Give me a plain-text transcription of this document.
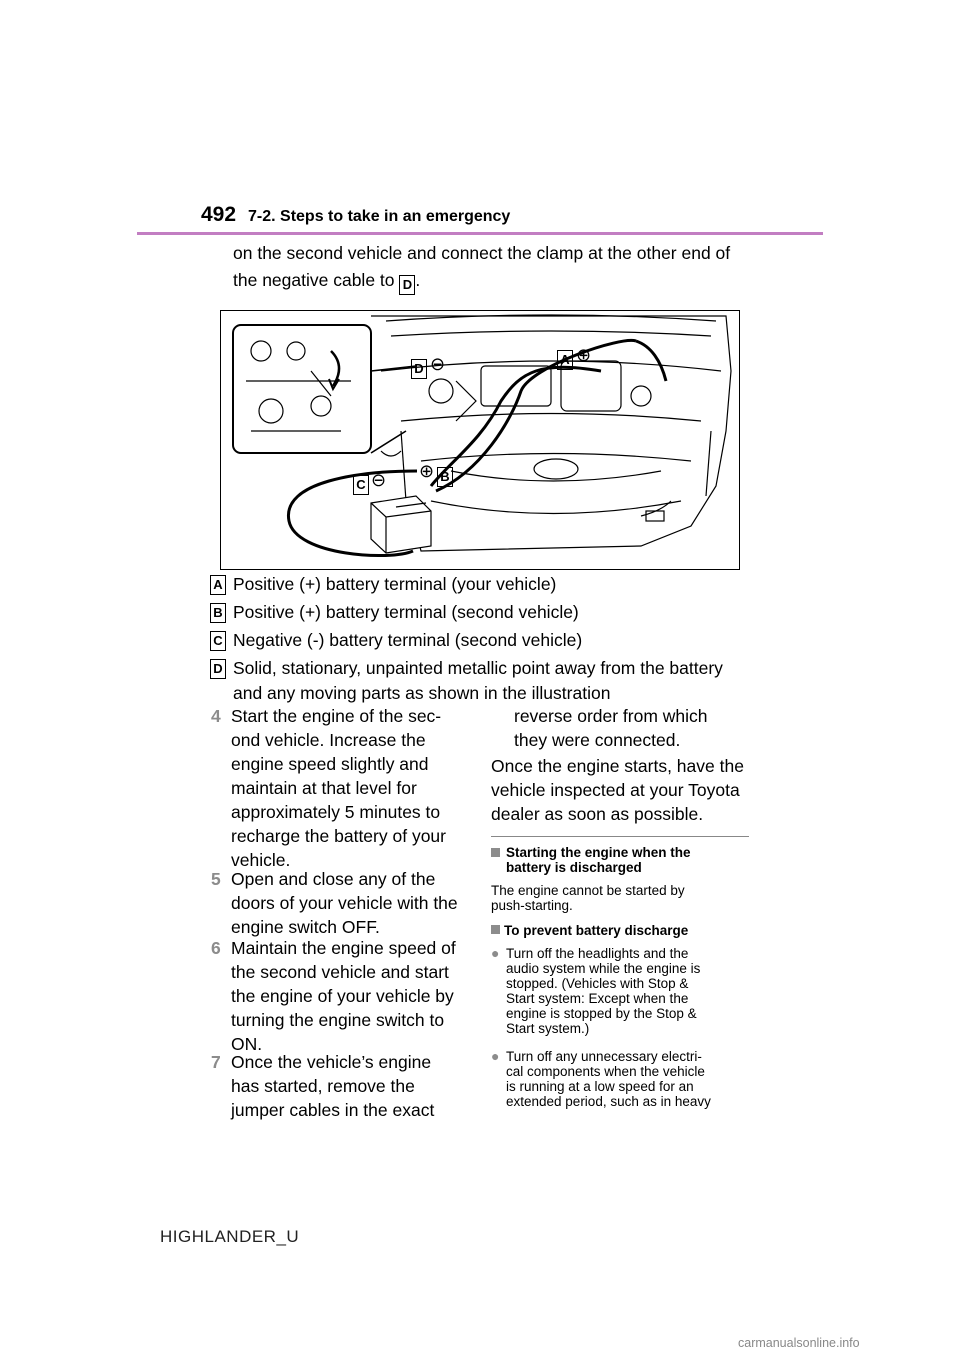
492 7-2. Steps to take in an emergency
on the second vehicle and connect the clamp at the other end of
the negative cable to D .
D ⊖	A ⊕
C ⊖ ⊕ B
A Positive (+) battery terminal (your vehicle)
B Positive (+) battery terminal (second vehicle)
C Negative (-) battery terminal (second vehicle)
D Solid, stationary, unpainted metallic point away from the battery and any moving parts as shown in the illustration
4 Start the engine of the sec-
ond vehicle. Increase the
engine speed slightly and
maintain at that level for
approximately 5 minutes to
recharge the battery of your
vehicle.
5 Open and close any of the
doors of your vehicle with the
engine switch OFF.
6 Maintain the engine speed of
the second vehicle and start
the engine of your vehicle by
turning the engine switch to
ON.
7 Once the vehicle’s engine
has started, remove the
jumper cables in the exact
reverse order from which
they were connected.
Once the engine starts, have the
vehicle inspected at your Toyota
dealer as soon as possible.
Starting the engine when the
battery is discharged
The engine cannot be started by
push-starting.
To prevent battery discharge
● Turn off the headlights and the
audio system while the engine is
stopped. (Vehicles with Stop &
Start system: Except when the
engine is stopped by the Stop &
Start system.)
● Turn off any unnecessary electri-
cal components when the vehicle
is running at a low speed for an
extended period, such as in heavy
HIGHLANDER_U
carmanualsonline.info
